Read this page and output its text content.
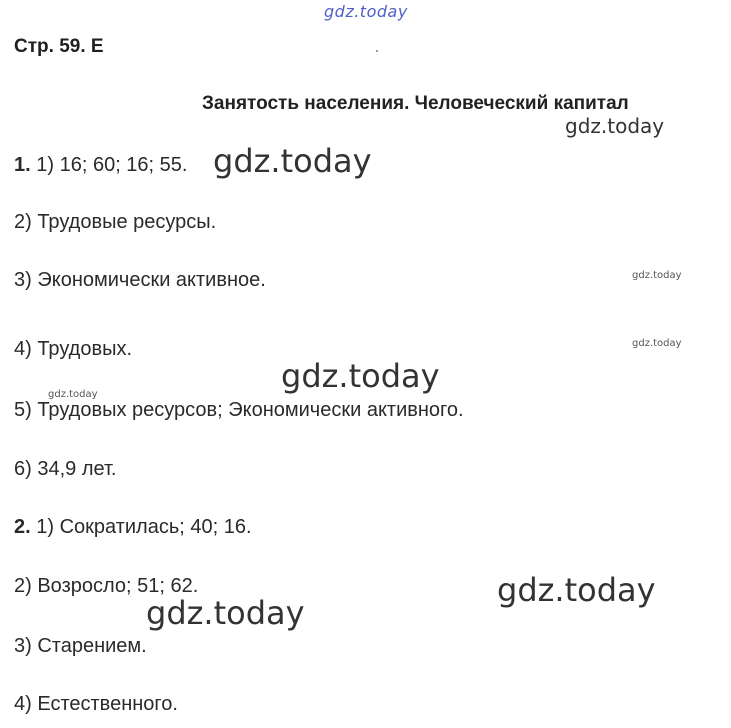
gdz.today
Стр. 59. Е
Занятость населения. Человеческий капитал
gdz.today
1. 1) 16; 60; 16; 55. gdz.today
2) Трудовые ресурсы.
3) Экономически активное.	gdz.today
4) Трудовых.	gdz.today
gdz.today
gdz.today
5) Трудовых ресурсов; Экономически активного.
6) 34,9 лет.
2. 1) Сократилась; 40; 16.
2) Возросло; 51; 62.	gdz.today
gdz.today
3) Старением.
4) Естественного.
